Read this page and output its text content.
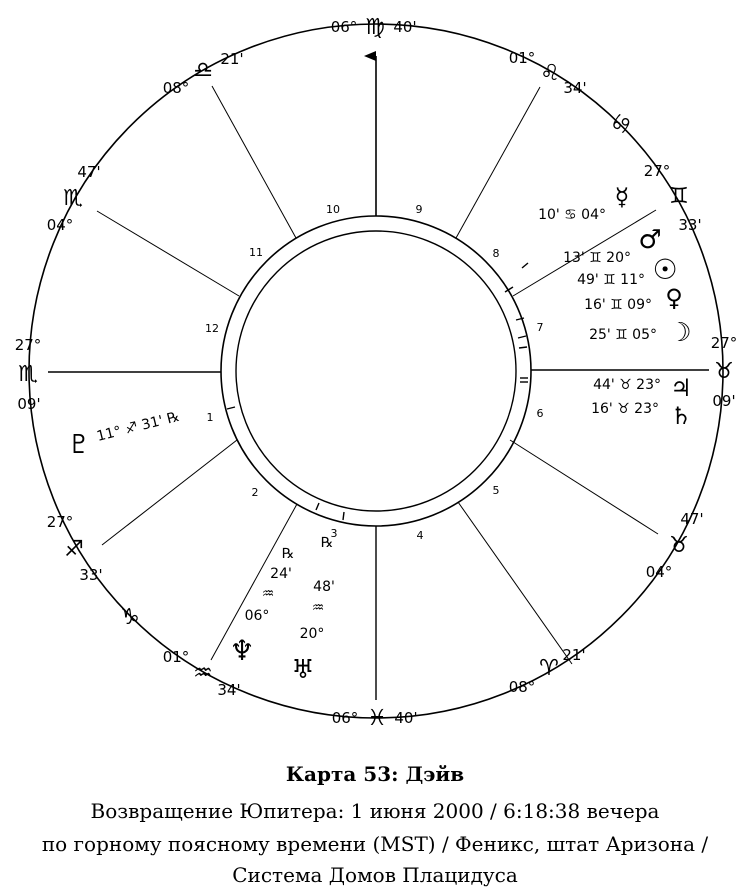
1
2
3	4
5
6
7
8
9
10
11
12
06° ♍ 40'
01°
♌
34'
27°
♊
33'
27°
♉
09'
47'
♉
04°
08°
♈
21'
06° ♓ 40'
01°
♒
34'
27°
♐
33'
27°
♏
09'
47'
♏
04°
08°
♎ 21'
♋
♑
10' ♋ 04°
☿
13' ♊ 20°
♂
49' ♊ 11° ☉
16' ♊ 09° ♀
25' ♊ 05° ☽
44' ♉ 23° ♃
16' ♉ 23° ♄
♇
11° ♐ 31' ℞
℞
24'
♒
06°
♆
℞
48'
♒
20°
♅
Карта 53: Дэйв
Возвращение Юпитера: 1 июня 2000 / 6:18:38 вечера
по горному поясному времени (MST) / Феникс, штат Аризона /
Система Домов Плацидуса
